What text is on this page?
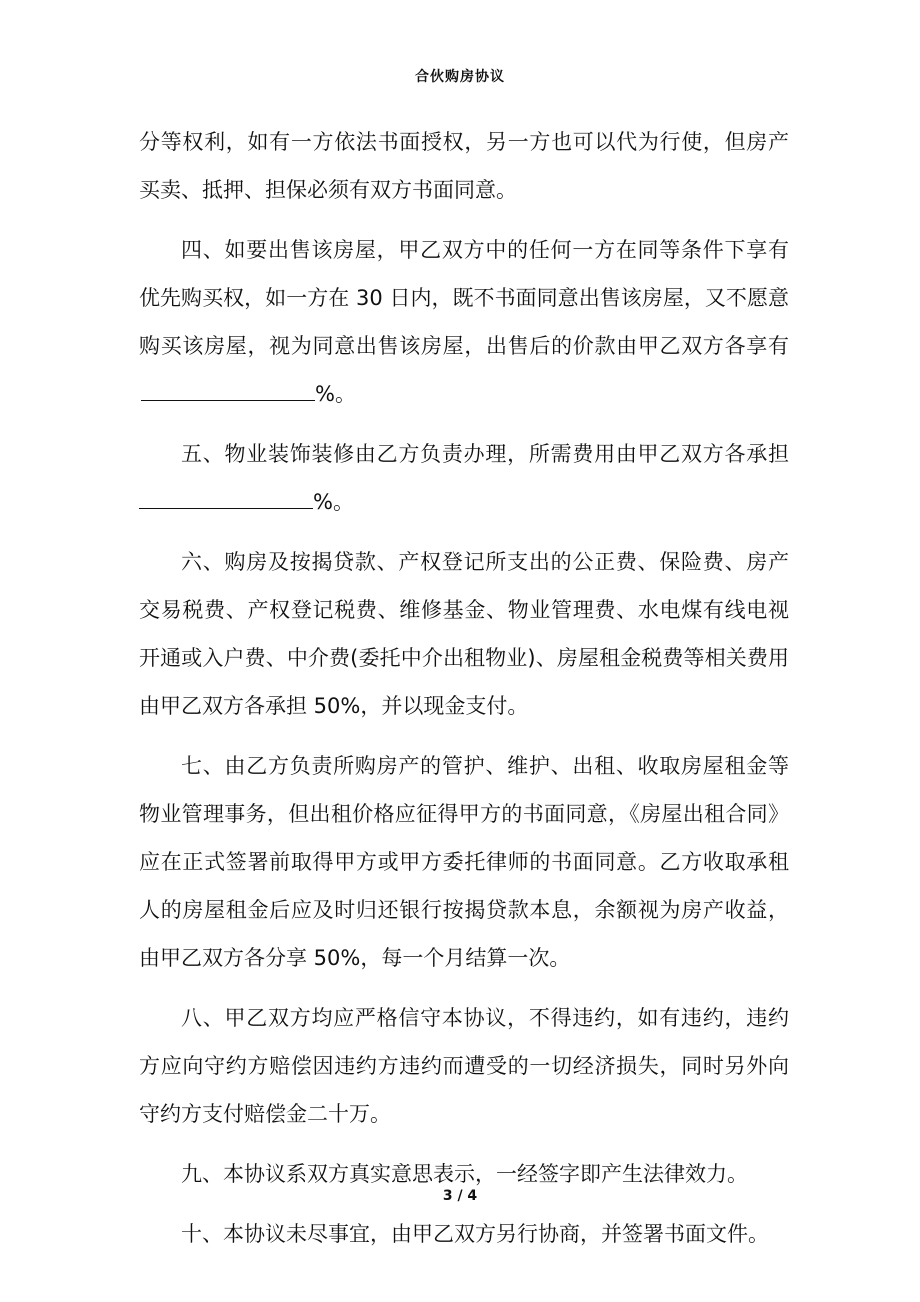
合伙购房协议

分等权利，如有一方依法书面授权，另一方也可以代为行使，但房产买卖、抵押、担保必须有双方书面同意。

四、如要出售该房屋，甲乙双方中的任何一方在同等条件下享有优先购买权，如一方在 30 日内，既不书面同意出售该房屋，又不愿意购买该房屋，视为同意出售该房屋，出售后的价款由甲乙双方各享有%。

五、物业装饰装修由乙方负责办理，所需费用由甲乙双方各承担%。

六、购房及按揭贷款、产权登记所支出的公正费、保险费、房产交易税费、产权登记税费、维修基金、物业管理费、水电煤有线电视开通或入户费、中介费(委托中介出租物业)、房屋租金税费等相关费用由甲乙双方各承担 50%，并以现金支付。

七、由乙方负责所购房产的管护、维护、出租、收取房屋租金等物业管理事务，但出租价格应征得甲方的书面同意，《房屋出租合同》应在正式签署前取得甲方或甲方委托律师的书面同意。乙方收取承租人的房屋租金后应及时归还银行按揭贷款本息，余额视为房产收益，由甲乙双方各分享 50%，每一个月结算一次。

八、甲乙双方均应严格信守本协议，不得违约，如有违约，违约方应向守约方赔偿因违约方违约而遭受的一切经济损失，同时另外向守约方支付赔偿金二十万。

九、本协议系双方真实意思表示，一经签字即产生法律效力。

十、本协议未尽事宜，由甲乙双方另行协商，并签署书面文件。

3 / 4
